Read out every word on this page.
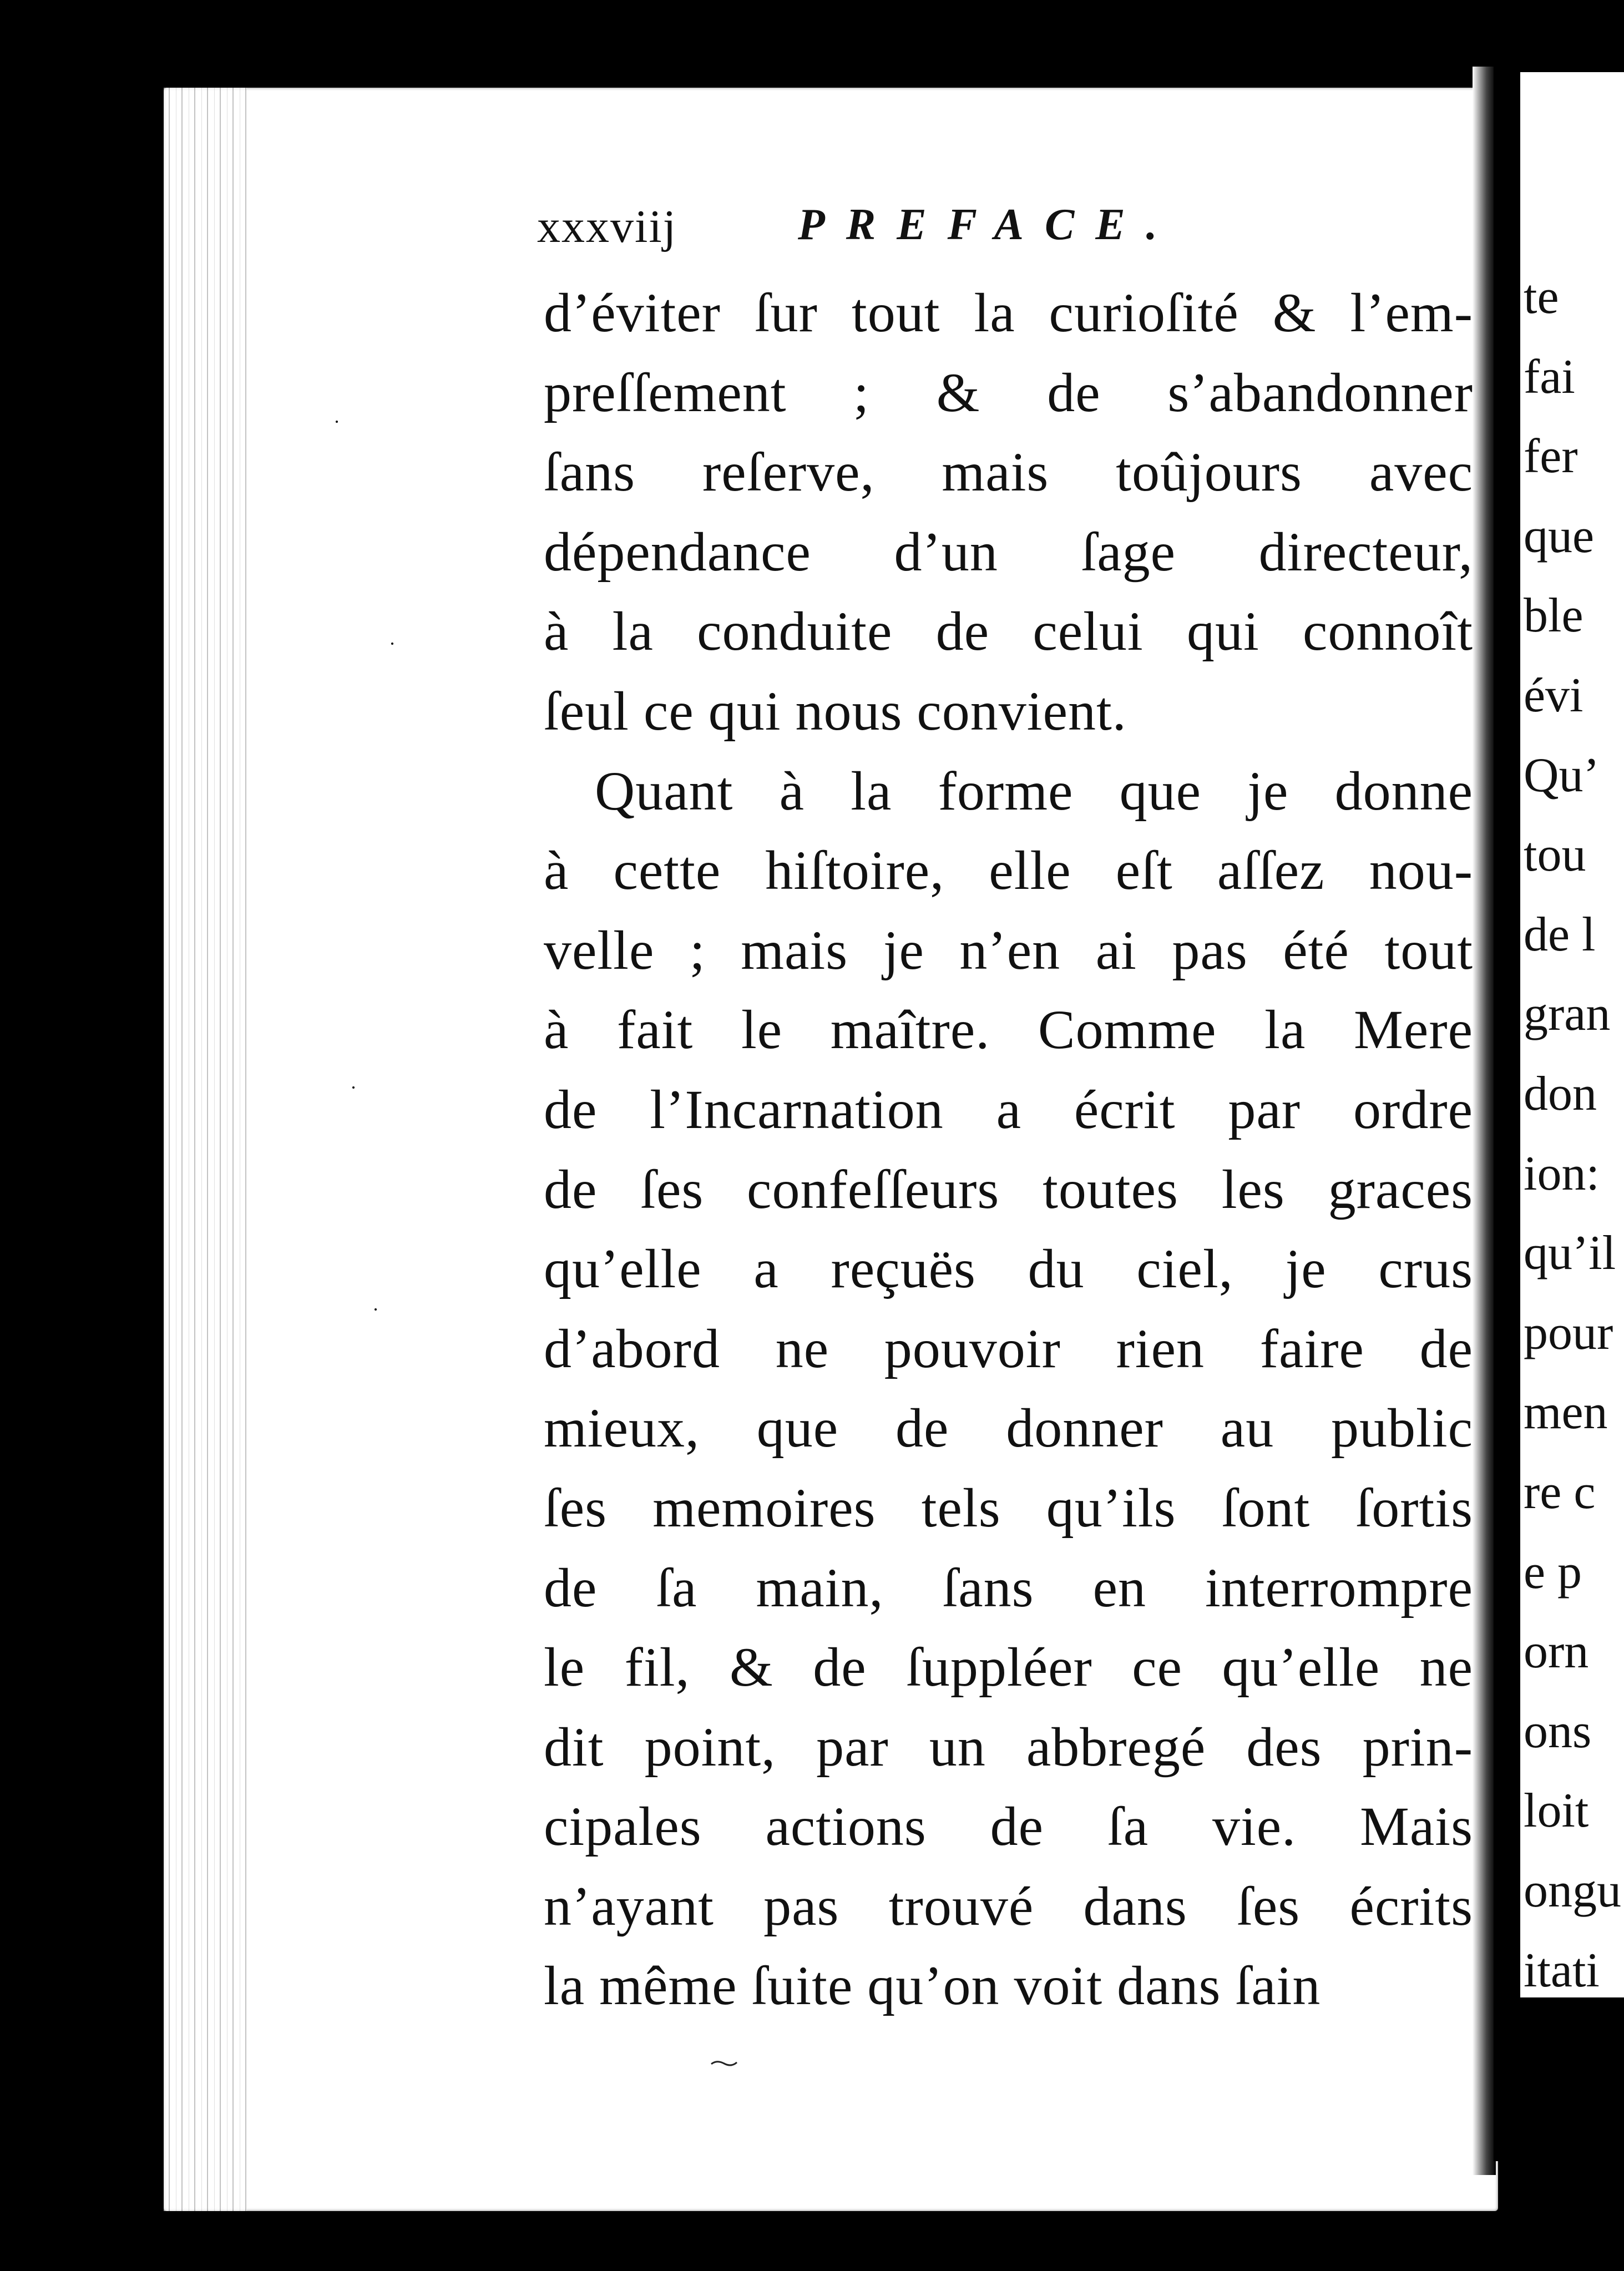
te
fai
fer
que
ble
évi
Qu’
tou
de l
gran
don
ion:
qu’il
pour
men
re c
e p
orn
ons
loit
ongu
itati
xxxviij	PREFACE.
d’éviter ſur tout la curioſité & l’em-
preſſement ; & de s’abandonner
ſans reſerve, mais toûjours avec
dépendance d’un ſage directeur,
à la conduite de celui qui connoît
ſeul ce qui nous convient.
Quant à la forme que je donne
à cette hiſtoire, elle eſt aſſez nou-
velle ; mais je n’en ai pas été tout
à fait le maître. Comme la Mere
de l’Incarnation a écrit par ordre
de ſes confeſſeurs toutes les graces
qu’elle a reçuës du ciel, je crus
d’abord ne pouvoir rien faire de
mieux, que de donner au public
ſes memoires tels qu’ils ſont ſortis
de ſa main, ſans en interrompre
le fil, & de ſuppléer ce qu’elle ne
dit point, par un abbregé des prin-
cipales actions de ſa vie. Mais
n’ayant pas trouvé dans ſes écrits
la même ſuite qu’on voit dans ſain
